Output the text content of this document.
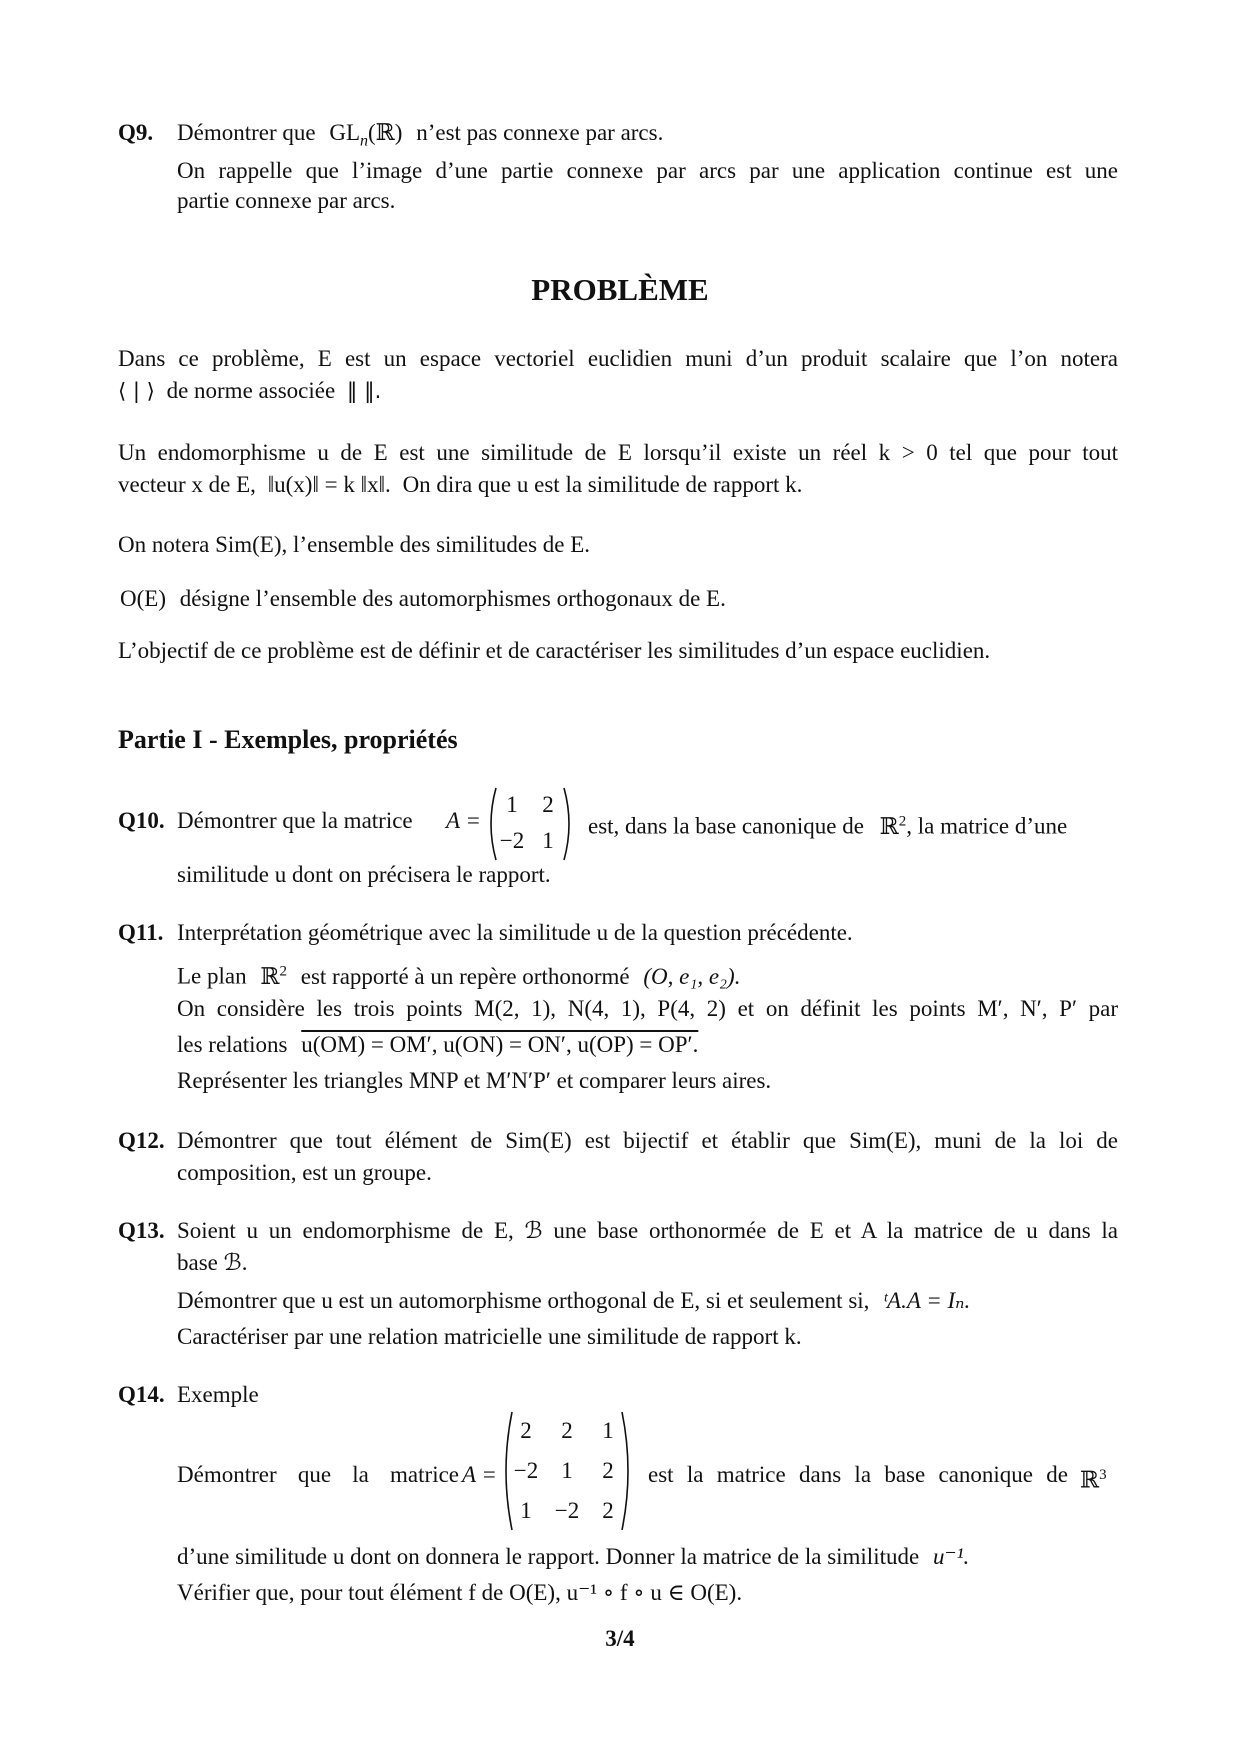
Q9. Démontrer que $GL_n(ℝ)$ n’est pas connexe par arcs.
On rappelle que l’image d’une partie connexe par arcs par une application continue est une
partie connexe par arcs.
PROBLÈME
Dans ce problème, E est un espace vectoriel euclidien muni d’un produit scalaire que l’on notera
⟨ | ⟩ de norme associée ‖ ‖.
Un endomorphisme u de E est une similitude de E lorsqu’il existe un réel k > 0 tel que pour tout
vecteur x de E, ‖u(x)‖ = k ‖x‖. On dira que u est la similitude de rapport k.
On notera Sim(E), l’ensemble des similitudes de E.
O(E) désigne l’ensemble des automorphismes orthogonaux de E.
L’objectif de ce problème est de définir et de caractériser les similitudes d’un espace euclidien.
Partie I - Exemples, propriétés
Q10. Démontrer que la matrice A =
1	2
−2 1
est, dans la base canonique de ℝ$^2$, la matrice d’une
similitude u dont on précisera le rapport.
Q11. Interprétation géométrique avec la similitude u de la question précédente.
Le plan ℝ$^2$ est rapporté à un repère orthonormé (O, e₁, e₂).
On considère les trois points M(2, 1), N(4, 1), P(4, 2) et on définit les points M′, N′, P′ par
les relations u(OM) = OM′, u(ON) = ON′, u(OP) = OP′.
Représenter les triangles MNP et M′N′P′ et comparer leurs aires.
Q12. Démontrer que tout élément de Sim(E) est bijectif et établir que Sim(E), muni de la loi de
composition, est un groupe.
Q13. Soient u un endomorphisme de E, ℬ une base orthonormée de E et A la matrice de u dans la
base ℬ.
Démontrer que u est un automorphisme orthogonal de E, si et seulement si, ᵗA.A = Iₙ.
Caractériser par une relation matricielle une similitude de rapport k.
Q14. Exemple
Démontrer que la matrice A =
2	2	1
−2	1	2
1	−2	2
est la matrice dans la base canonique de ℝ$^3$
d’une similitude u dont on donnera le rapport. Donner la matrice de la similitude u⁻¹.
Vérifier que, pour tout élément f de O(E), u⁻¹ ∘ f ∘ u ∈ O(E).
3/4
